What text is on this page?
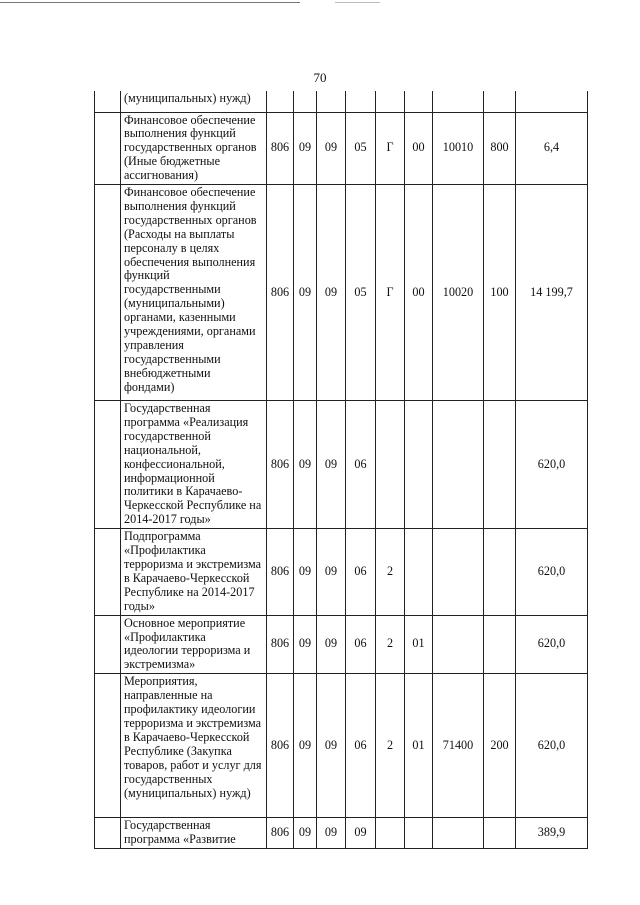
70
	(муниципальных) нужд)									
	Финансовое обеспечение выполнения функций государственных органов (Иные бюджетные ассигнования)	806	09	09	05	Г	00	10010	800	6,4
	Финансовое обеспечение выполнения функций государственных органов (Расходы на выплаты персоналу в целях обеспечения выполнения функций государственными (муниципальными) органами, казенными учреждениями, органами управления государственными внебюджетными фондами)	806	09	09	05	Г	00	10020	100	14 199,7
	Государственная программа «Реализация государственной национальной, конфессиональной, информационной политики в Карачаево-Черкесской Республике на 2014-2017 годы»	806	09	09	06					620,0
	Подпрограмма «Профилактика терроризма и экстремизма в Карачаево-Черкесской Республике на 2014-2017 годы»	806	09	09	06	2				620,0
	Основное мероприятие «Профилактика идеологии терроризма и экстремизма»	806	09	09	06	2	01			620,0
	Мероприятия, направленные на профилактику идеологии терроризма и экстремизма в Карачаево-Черкесской Республике (Закупка товаров, работ и услуг для государственных (муниципальных) нужд)	806	09	09	06	2	01	71400	200	620,0
	Государственная программа «Развитие	806	09	09	09					389,9
